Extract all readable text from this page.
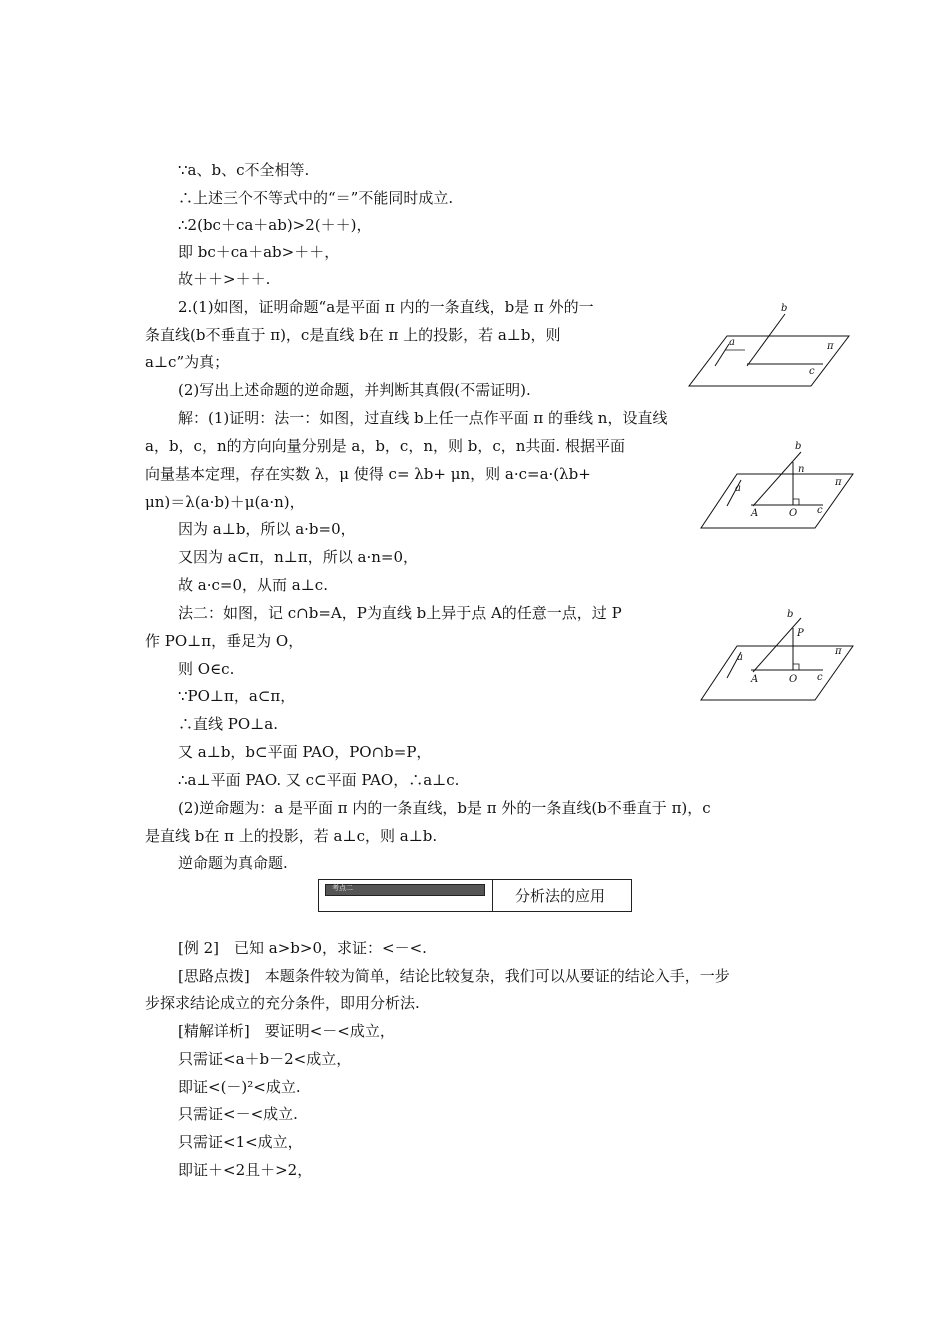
∵a、b、c不全相等.
∴上述三个不等式中的“＝”不能同时成立.
∴2(bc＋ca＋ab)>2(＋＋)，
即 bc＋ca＋ab>＋＋，
故＋＋>＋＋.
2.(1)如图，证明命题“a是平面 π 内的一条直线，b是 π 外的一
条直线(b不垂直于 π)，c是直线 b在 π 上的投影，若 a⊥b，则
a⊥c”为真；
(2)写出上述命题的逆命题，并判断其真假(不需证明).
解：(1)证明：法一：如图，过直线 b上任一点作平面 π 的垂线 n，设直线
a，b，c，n的方向向量分别是 a，b，c，n，则 b，c，n共面. 根据平面
向量基本定理，存在实数 λ，μ 使得 c= λb+ μn，则 a·c=a·(λb+
μn)＝λ(a·b)＋μ(a·n)，
因为 a⊥b，所以 a·b=0，
又因为 a⊂π，n⊥π，所以 a·n=0，
故 a·c=0，从而 a⊥c.
法二：如图，记 c∩b=A，P为直线 b上异于点 A的任意一点，过 P
作 PO⊥π，垂足为 O，
则 O∈c.
∵PO⊥π，a⊂π，
∴直线 PO⊥a.
又 a⊥b，b⊂平面 PAO，PO∩b=P，
∴a⊥平面 PAO. 又 c⊂平面 PAO，∴a⊥c.
(2)逆命题为：a 是平面 π 内的一条直线，b是 π 外的一条直线(b不垂直于 π)，c
是直线 b在 π 上的投影，若 a⊥c，则 a⊥b.
逆命题为真命题.
考点二	分析法的应用
[例 2]　已知 a>b>0，求证：<－<.
[思路点拨]　本题条件较为简单，结论比较复杂，我们可以从要证的结论入手，一步
步探求结论成立的充分条件，即用分析法.
[精解详析]　要证明<－<成立，
只需证<a＋b－2<成立，
即证<(－)²<成立.
只需证<－<成立.
只需证<1<成立，
即证＋<2且＋>2，
b
a	π
c
b
n
a
π
c
A	O
b
P
a
π
c
A	O
